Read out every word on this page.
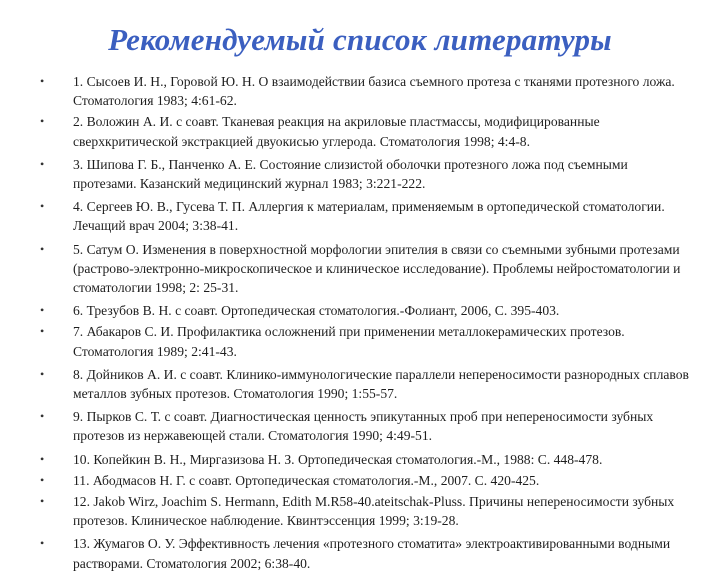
Рекомендуемый список литературы
• 1. Сысоев И. Н., Горовой Ю. Н. О взаимодействии базиса съемного протеза с тканями протезного ложа. Стоматология 1983; 4:61-62.
• 2. Воложин А. И. с соавт. Тканевая реакция на акриловые пластмассы, модифицированные сверхкритической экстракцией двуокисью углерода. Стоматология 1998; 4:4-8.
• 3. Шипова Г. Б., Панченко А. Е. Состояние слизистой оболочки протезного ложа под съемными протезами. Казанский медицинский журнал 1983; 3:221-222.
• 4. Сергеев Ю. В., Гусева Т. П. Аллергия к материалам, применяемым в ортопедической стоматологии. Лечащий врач 2004; 3:38-41.
• 5. Сатум О. Изменения в поверхностной морфологии эпителия в связи со съемными зубными протезами (растрово-электронно-микроскопическое и клиническое исследование). Проблемы нейростоматологии и стоматологии 1998; 2: 25-31.
• 6. Трезубов В. Н. с соавт. Ортопедическая стоматология.-Фолиант, 2006, С. 395-403.
• 7. Абакаров С. И. Профилактика осложнений при применении металлокерамических протезов. Стоматология 1989; 2:41-43.
• 8. Дойников А. И. с соавт. Клинико-иммунологические параллели непереносимости разнородных сплавов металлов зубных протезов. Стоматология 1990; 1:55-57.
• 9. Пырков С. Т. с соавт. Диагностическая ценность эпикутанных проб при непереносимости зубных протезов из нержавеющей стали. Стоматология 1990; 4:49-51.
• 10. Копейкин В. Н., Миргазизова Н. З. Ортопедическая стоматология.-М., 1988: С. 448-478.
• 11. Абодмасов Н. Г. с соавт. Ортопедическая стоматология.-М., 2007. С. 420-425.
• 12. Jakob Wirz, Joachim S. Hermann, Edith M.R58-40.ateitschak-Pluss. Причины непереносимости зубных протезов. Клиническое наблюдение. Квинтэссенция 1999; 3:19-28.
• 13. Жумагов О. У. Эффективность лечения «протезного стоматита» электроактивированными водными растворами. Стоматология 2002; 6:38-40.
